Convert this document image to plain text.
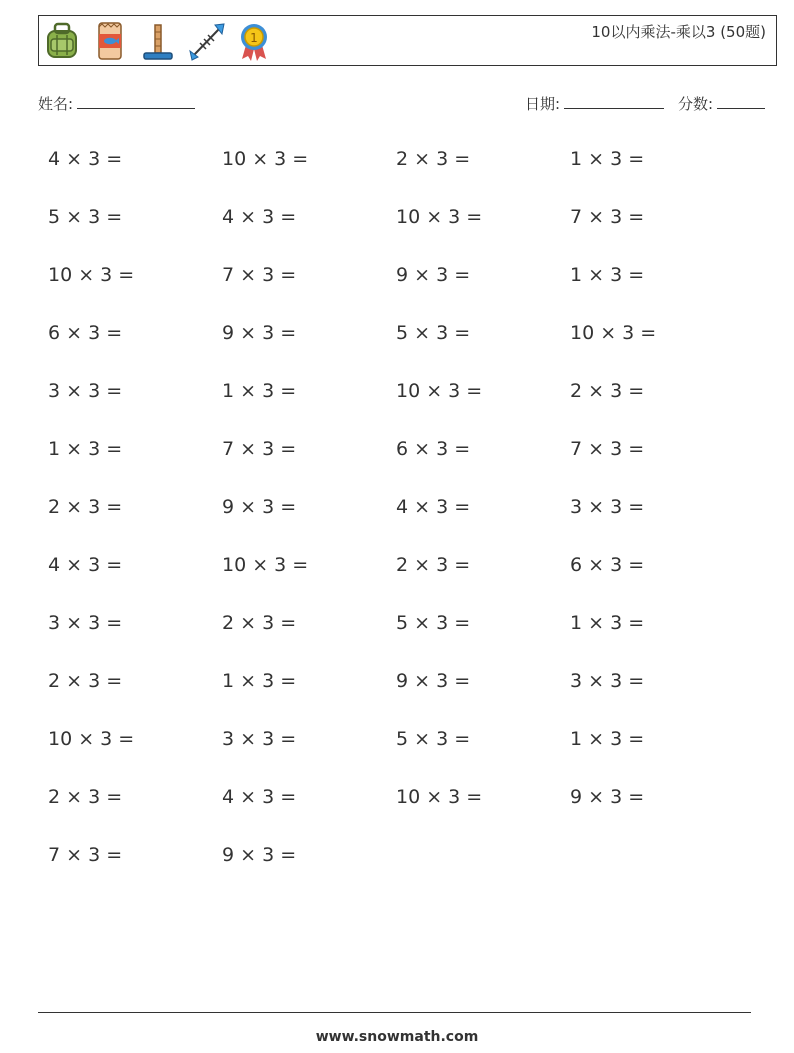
1	10以内乘法-乘以3 (50题)
姓名:	日期:	分数:
4 × 3 =	10 × 3 =	2 × 3 =	1 × 3 =
5 × 3 =	4 × 3 =	10 × 3 =	7 × 3 =
10 × 3 =	7 × 3 =	9 × 3 =	1 × 3 =
6 × 3 =	9 × 3 =	5 × 3 =	10 × 3 =
3 × 3 =	1 × 3 =	10 × 3 =	2 × 3 =
1 × 3 =	7 × 3 =	6 × 3 =	7 × 3 =
2 × 3 =	9 × 3 =	4 × 3 =	3 × 3 =
4 × 3 =	10 × 3 =	2 × 3 =	6 × 3 =
3 × 3 =	2 × 3 =	5 × 3 =	1 × 3 =
2 × 3 =	1 × 3 =	9 × 3 =	3 × 3 =
10 × 3 =	3 × 3 =	5 × 3 =	1 × 3 =
2 × 3 =	4 × 3 =	10 × 3 =	9 × 3 =
7 × 3 =	9 × 3 =
www.snowmath.com
